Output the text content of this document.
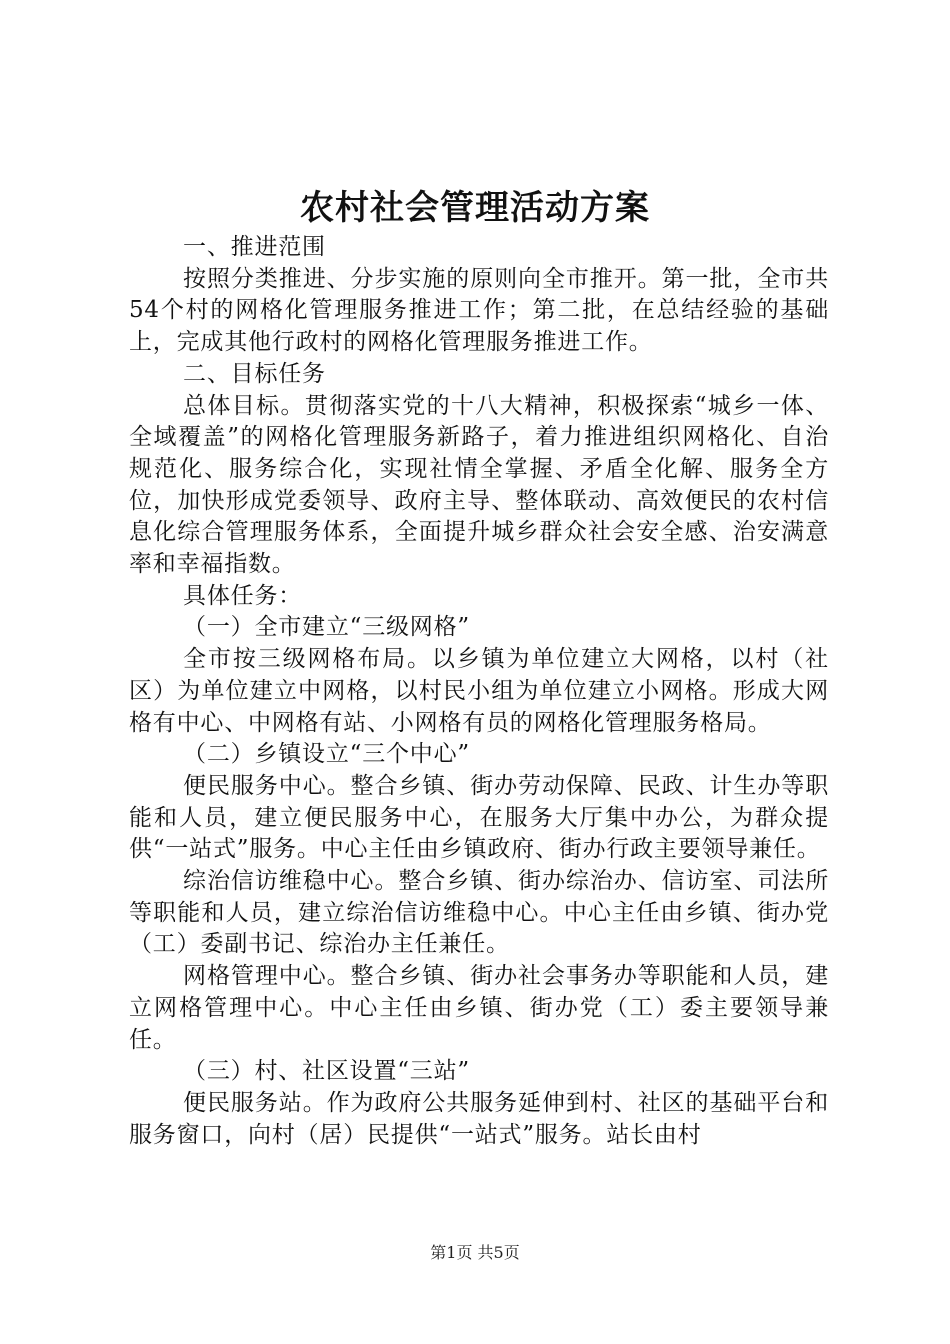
农村社会管理活动方案

一、推进范围

按照分类推进、分步实施的原则向全市推开。第一批，全市共54个村的网格化管理服务推进工作；第二批，在总结经验的基础上，完成其他行政村的网格化管理服务推进工作。

二、目标任务

总体目标。贯彻落实党的十八大精神，积极探索“城乡一体、全域覆盖”的网格化管理服务新路子，着力推进组织网格化、自治规范化、服务综合化，实现社情全掌握、矛盾全化解、服务全方位，加快形成党委领导、政府主导、整体联动、高效便民的农村信息化综合管理服务体系，全面提升城乡群众社会安全感、治安满意率和幸福指数。

具体任务：

（一）全市建立“三级网格”

全市按三级网格布局。以乡镇为单位建立大网格，以村（社区）为单位建立中网格，以村民小组为单位建立小网格。形成大网格有中心、中网格有站、小网格有员的网格化管理服务格局。

（二）乡镇设立“三个中心”

便民服务中心。整合乡镇、街办劳动保障、民政、计生办等职能和人员，建立便民服务中心，在服务大厅集中办公，为群众提供“一站式”服务。中心主任由乡镇政府、街办行政主要领导兼任。

综治信访维稳中心。整合乡镇、街办综治办、信访室、司法所等职能和人员，建立综治信访维稳中心。中心主任由乡镇、街办党（工）委副书记、综治办主任兼任。

网格管理中心。整合乡镇、街办社会事务办等职能和人员，建立网格管理中心。中心主任由乡镇、街办党（工）委主要领导兼任。

（三）村、社区设置“三站”

便民服务站。作为政府公共服务延伸到村、社区的基础平台和服务窗口，向村（居）民提供“一站式”服务。站长由村

第1页 共5页
